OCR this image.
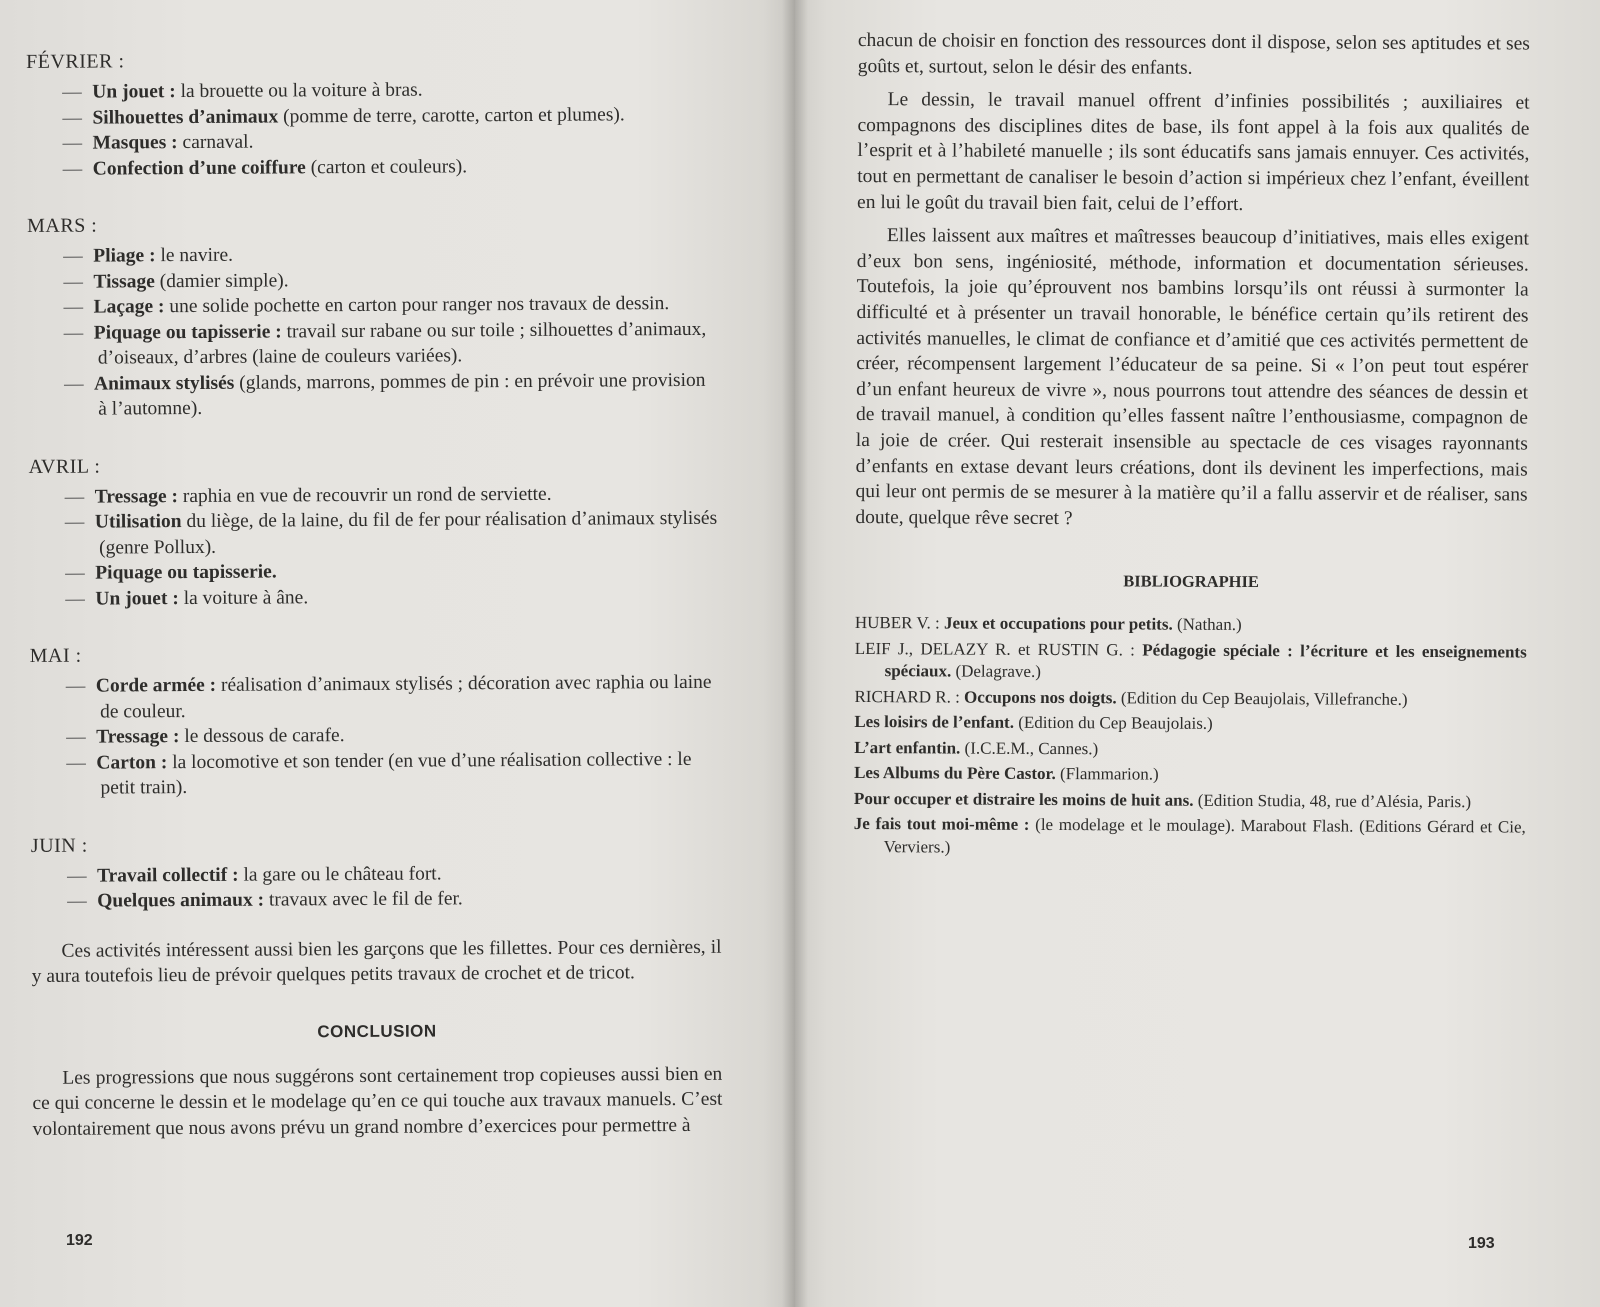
FÉVRIER :
— Un jouet : la brouette ou la voiture à bras.
— Silhouettes d’animaux (pomme de terre, carotte, carton et plumes).
— Masques : carnaval.
— Confection d’une coiffure (carton et couleurs).
MARS :
— Pliage : le navire.
— Tissage (damier simple).
— Laçage : une solide pochette en carton pour ranger nos travaux de dessin.
— Piquage ou tapisserie : travail sur rabane ou sur toile ; silhouettes d’animaux, d’oiseaux, d’arbres (laine de couleurs variées).
— Animaux stylisés (glands, marrons, pommes de pin : en prévoir une provision à l’automne).
AVRIL :
— Tressage : raphia en vue de recouvrir un rond de serviette.
— Utilisation du liège, de la laine, du fil de fer pour réalisation d’animaux stylisés (genre Pollux).
— Piquage ou tapisserie.
— Un jouet : la voiture à âne.
MAI :
— Corde armée : réalisation d’animaux stylisés ; décoration avec raphia ou laine de couleur.
— Tressage : le dessous de carafe.
— Carton : la locomotive et son tender (en vue d’une réalisation collective : le petit train).
JUIN :
— Travail collectif : la gare ou le château fort.
— Quelques animaux : travaux avec le fil de fer.

Ces activités intéressent aussi bien les garçons que les fillettes. Pour ces dernières, il y aura toutefois lieu de prévoir quelques petits travaux de crochet et de tricot.

CONCLUSION

Les progressions que nous suggérons sont certainement trop copieuses aussi bien en ce qui concerne le dessin et le modelage qu’en ce qui touche aux travaux manuels. C’est volontairement que nous avons prévu un grand nombre d’exercices pour permettre à

192

chacun de choisir en fonction des ressources dont il dispose, selon ses aptitudes et ses goûts et, surtout, selon le désir des enfants.

Le dessin, le travail manuel offrent d’infinies possibilités ; auxiliaires et compagnons des disciplines dites de base, ils font appel à la fois aux qualités de l’esprit et à l’habileté manuelle ; ils sont éducatifs sans jamais ennuyer. Ces activités, tout en permettant de canaliser le besoin d’action si impérieux chez l’enfant, éveillent en lui le goût du travail bien fait, celui de l’effort.

Elles laissent aux maîtres et maîtresses beaucoup d’initiatives, mais elles exigent d’eux bon sens, ingéniosité, méthode, information et documentation sérieuses. Toutefois, la joie qu’éprouvent nos bambins lorsqu’ils ont réussi à surmonter la difficulté et à présenter un travail honorable, le bénéfice certain qu’ils retirent des activités manuelles, le climat de confiance et d’amitié que ces activités permettent de créer, récompensent largement l’éducateur de sa peine. Si « l’on peut tout espérer d’un enfant heureux de vivre », nous pourrons tout attendre des séances de dessin et de travail manuel, à condition qu’elles fassent naître l’enthousiasme, compagnon de la joie de créer. Qui resterait insensible au spectacle de ces visages rayonnants d’enfants en extase devant leurs créations, dont ils devinent les imperfections, mais qui leur ont permis de se mesurer à la matière qu’il a fallu asservir et de réaliser, sans doute, quelque rêve secret ?

BIBLIOGRAPHIE
HUBER V. : Jeux et occupations pour petits. (Nathan.)
LEIF J., DELAZY R. et RUSTIN G. : Pédagogie spéciale : l’écriture et les enseignements spéciaux. (Delagrave.)
RICHARD R. : Occupons nos doigts. (Edition du Cep Beaujolais, Villefranche.)
Les loisirs de l’enfant. (Edition du Cep Beaujolais.)
L’art enfantin. (I.C.E.M., Cannes.)
Les Albums du Père Castor. (Flammarion.)
Pour occuper et distraire les moins de huit ans. (Edition Studia, 48, rue d’Alésia, Paris.)
Je fais tout moi-même : (le modelage et le moulage). Marabout Flash. (Editions Gérard et Cie, Verviers.)
193
